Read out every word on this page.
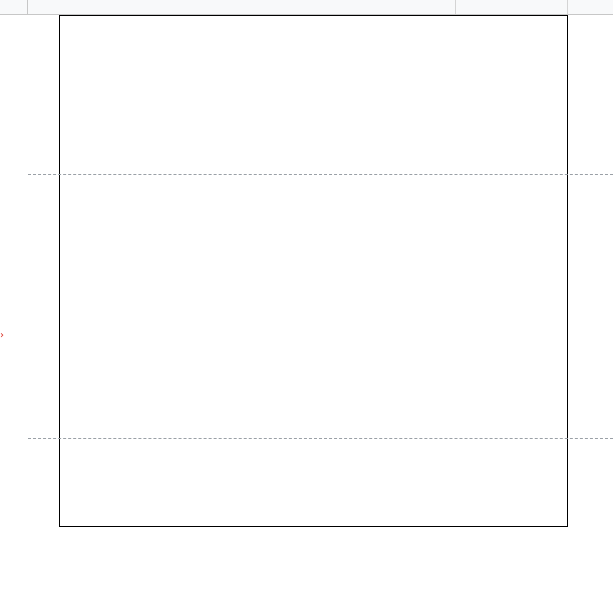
›
